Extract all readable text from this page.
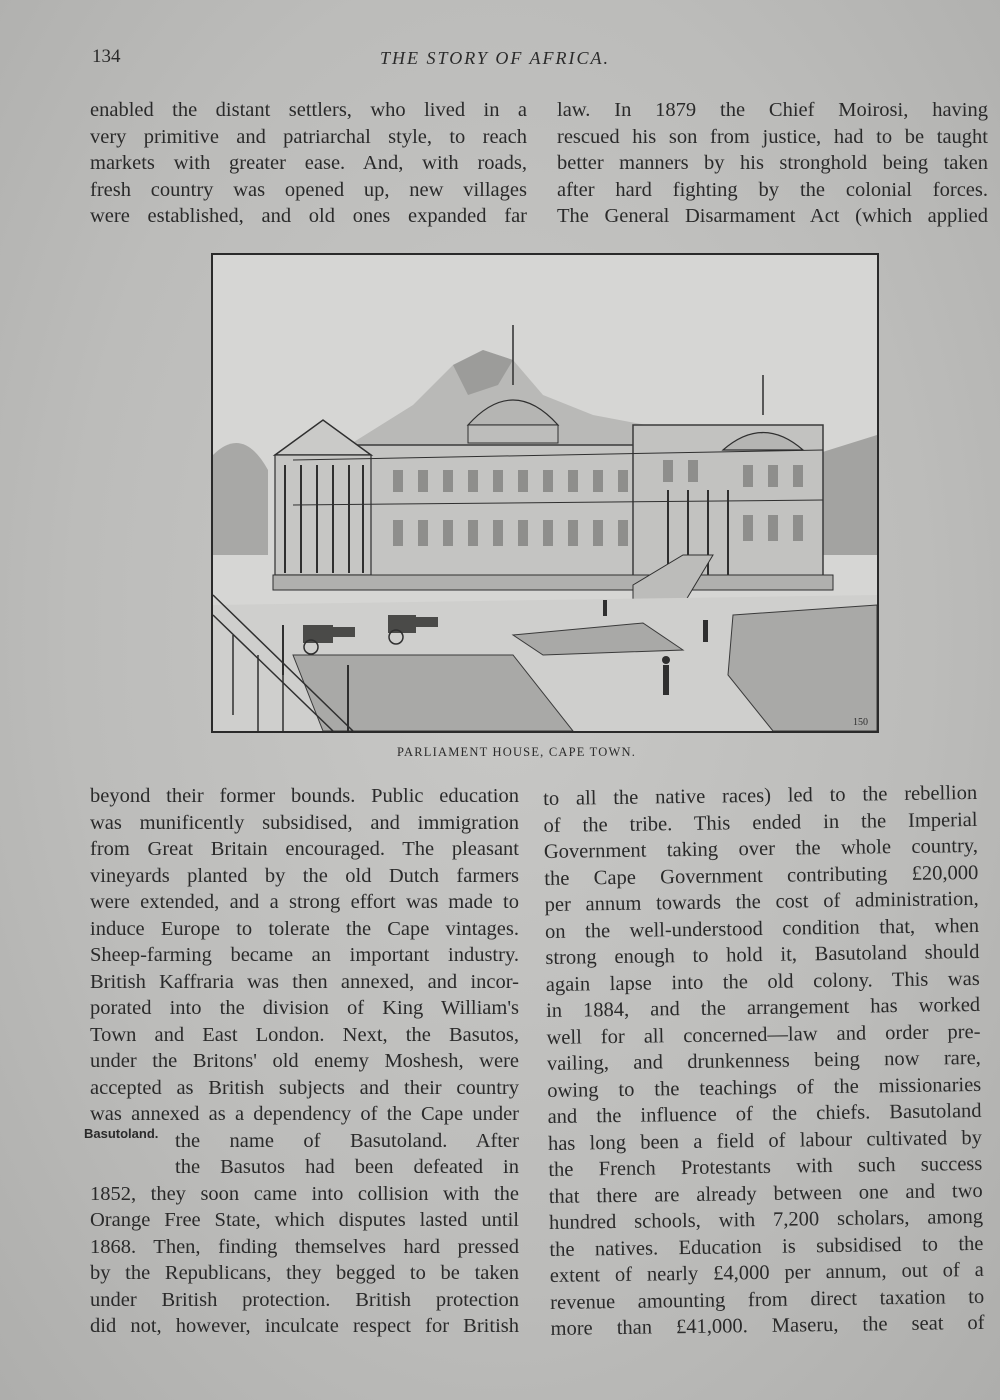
134	THE STORY OF AFRICA.
enabled the distant settlers, who lived in a
very primitive and patriarchal style, to reach
markets with greater ease. And, with roads,
fresh country was opened up, new villages
were established, and old ones expanded far
law. In 1879 the Chief Moirosi, having
rescued his son from justice, had to be taught
better manners by his stronghold being taken
after hard fighting by the colonial forces.
The General Disarmament Act (which applied
150
PARLIAMENT HOUSE, CAPE TOWN.
beyond their former bounds. Public education
was munificently subsidised, and immigration
from Great Britain encouraged. The pleasant
vineyards planted by the old Dutch farmers
were extended, and a strong effort was made to
induce Europe to tolerate the Cape vintages.
Sheep-farming became an important industry.
British Kaffraria was then annexed, and incor-
porated into the division of King William's
Town and East London. Next, the Basutos,
under the Britons' old enemy Moshesh, were
accepted as British subjects and their country
was annexed as a dependency of the Cape under
the name of Basutoland. After
the Basutos had been defeated in
1852, they soon came into collision with the
Orange Free State, which disputes lasted until
1868. Then, finding themselves hard pressed
by the Republicans, they begged to be taken
under British protection. British protection
did not, however, inculcate respect for British
Basutoland.
to all the native races) led to the rebellion
of the tribe. This ended in the Imperial
Government taking over the whole country,
the Cape Government contributing £20,000
per annum towards the cost of administration,
on the well-understood condition that, when
strong enough to hold it, Basutoland should
again lapse into the old colony. This was
in 1884, and the arrangement has worked
well for all concerned—law and order pre-
vailing, and drunkenness being now rare,
owing to the teachings of the missionaries
and the influence of the chiefs. Basutoland
has long been a field of labour cultivated by
the French Protestants with such success
that there are already between one and two
hundred schools, with 7,200 scholars, among
the natives. Education is subsidised to the
extent of nearly £4,000 per annum, out of a
revenue amounting from direct taxation to
more than £41,000. Maseru, the seat of
